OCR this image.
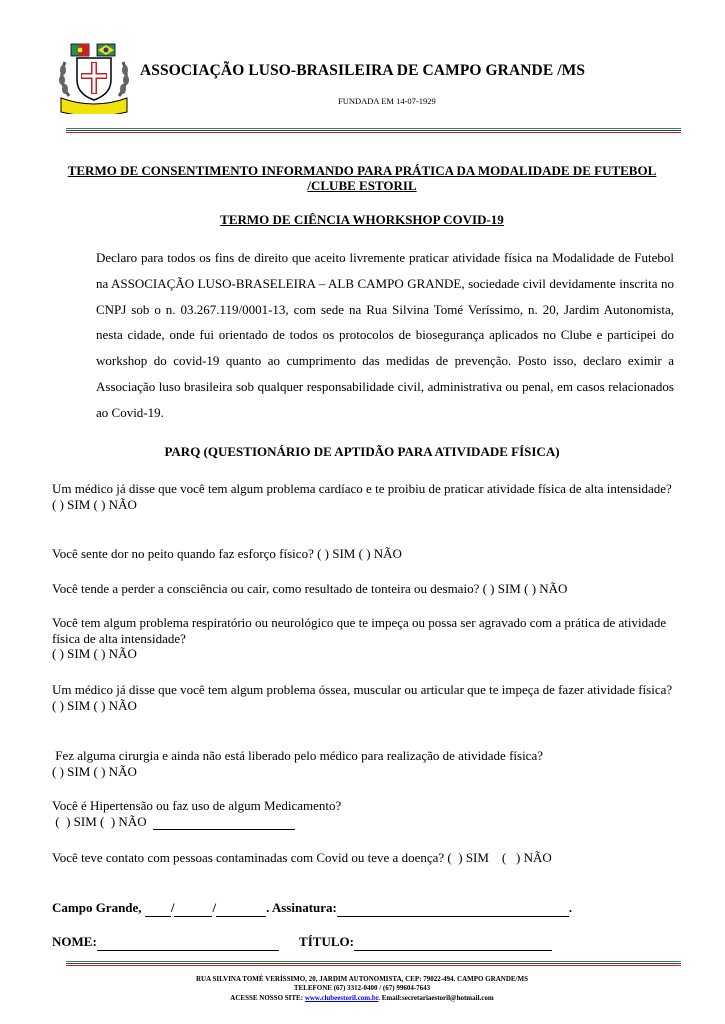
ASSOCIAÇÃO LUSO-BRASILEIRA DE CAMPO GRANDE /MS
FUNDADA EM 14-07-1929
TERMO DE CONSENTIMENTO INFORMANDO PARA PRÁTICA DA MODALIDADE DE FUTEBOL /CLUBE ESTORIL
TERMO DE CIÊNCIA WHORKSHOP COVID-19
Declaro para todos os fins de direito que aceito livremente praticar atividade física na Modalidade de Futebol na ASSOCIAÇÃO LUSO-BRASELEIRA – ALB CAMPO GRANDE, sociedade civil devidamente inscrita no CNPJ sob o n. 03.267.119/0001-13, com sede na Rua Silvina Tomé Veríssimo, n. 20, Jardim Autonomista, nesta cidade, onde fui orientado de todos os protocolos de biosegurança aplicados no Clube e participei do workshop do covid-19 quanto ao cumprimento das medidas de prevenção. Posto isso, declaro eximir a Associação luso brasileira sob qualquer responsabilidade civil, administrativa ou penal, em casos relacionados ao Covid-19.
PARQ (QUESTIONÁRIO DE APTIDÃO PARA ATIVIDADE FÍSICA)
Um médico já disse que você tem algum problema cardíaco e te proibiu de praticar atividade física de alta intensidade?
( ) SIM ( ) NÃO
Você sente dor no peito quando faz esforço físico? ( ) SIM ( ) NÃO
Você tende a perder a consciência ou cair, como resultado de tonteira ou desmaio? ( ) SIM ( ) NÃO
Você tem algum problema respiratório ou neurológico que te impeça ou possa ser agravado com a prática de atividade física de alta intensidade?
( ) SIM ( ) NÃO
Um médico já disse que você tem algum problema óssea, muscular ou articular que te impeça de fazer atividade física?
( ) SIM ( ) NÃO
Fez alguma cirurgia e ainda não está liberado pelo médico para realização de atividade física?
( ) SIM ( ) NÃO
Você é Hipertensão ou faz uso de algum Medicamento?
(  ) SIM (  ) NÃO
Você teve contato com pessoas contaminadas com Covid ou teve a doença? (  ) SIM    (   ) NÃO
Campo Grande, /	/	. Assinatura:	.
NOME:	TÍTULO:
RUA SILVINA TOMÉ VERÍSSIMO, 20, JARDIM AUTONOMISTA, CEP: 79022-494. CAMPO GRANDE/MS
TELEFONE (67) 3312-0400 / (67) 99604-7643
ACESSE NOSSO SITE: www.clubeestoril.com.br. Email:secretariaestoril@hotmail.com
